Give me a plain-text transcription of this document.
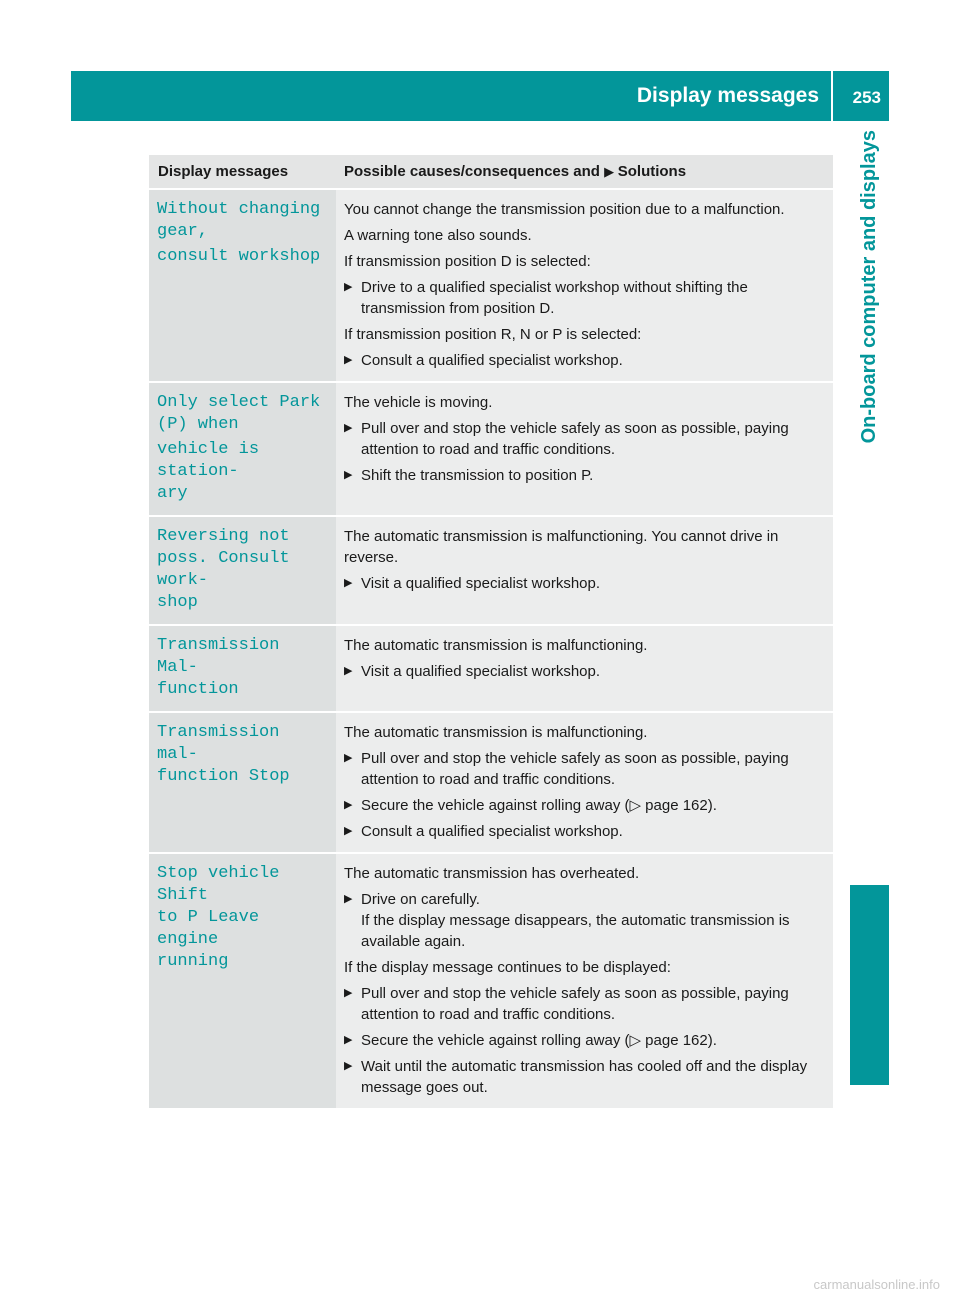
Display messages 253
On-board computer and displays
Display messages	Possible causes/consequences and ▶ Solutions
Without changing
gear,
consult workshop
You cannot change the transmission position due to a malfunction.
A warning tone also sounds.
If transmission position D is selected:
▶ Drive to a qualified specialist workshop without shifting the transmission from position D.
If transmission position R, N or P is selected:
▶ Consult a qualified specialist workshop.
Only select Park
(P) when
vehicle is station‐
ary
The vehicle is moving.
▶ Pull over and stop the vehicle safely as soon as possible, paying attention to road and traffic conditions.
▶ Shift the transmission to position P.
Reversing not
poss. Consult work‐
shop
The automatic transmission is malfunctioning. You cannot drive in reverse.
▶ Visit a qualified specialist workshop.
Transmission Mal‐
function
The automatic transmission is malfunctioning.
▶ Visit a qualified specialist workshop.
Transmission mal‐
function Stop
The automatic transmission is malfunctioning.
▶ Pull over and stop the vehicle safely as soon as possible, paying attention to road and traffic conditions.
▶ Secure the vehicle against rolling away (▷ page 162).
▶ Consult a qualified specialist workshop.
Stop vehicle Shift
to P Leave engine
running
The automatic transmission has overheated.
▶ Drive on carefully.
If the display message disappears, the automatic transmission is available again.
If the display message continues to be displayed:
▶ Pull over and stop the vehicle safely as soon as possible, paying attention to road and traffic conditions.
▶ Secure the vehicle against rolling away (▷ page 162).
▶ Wait until the automatic transmission has cooled off and the display message goes out.
carmanualsonline.info
